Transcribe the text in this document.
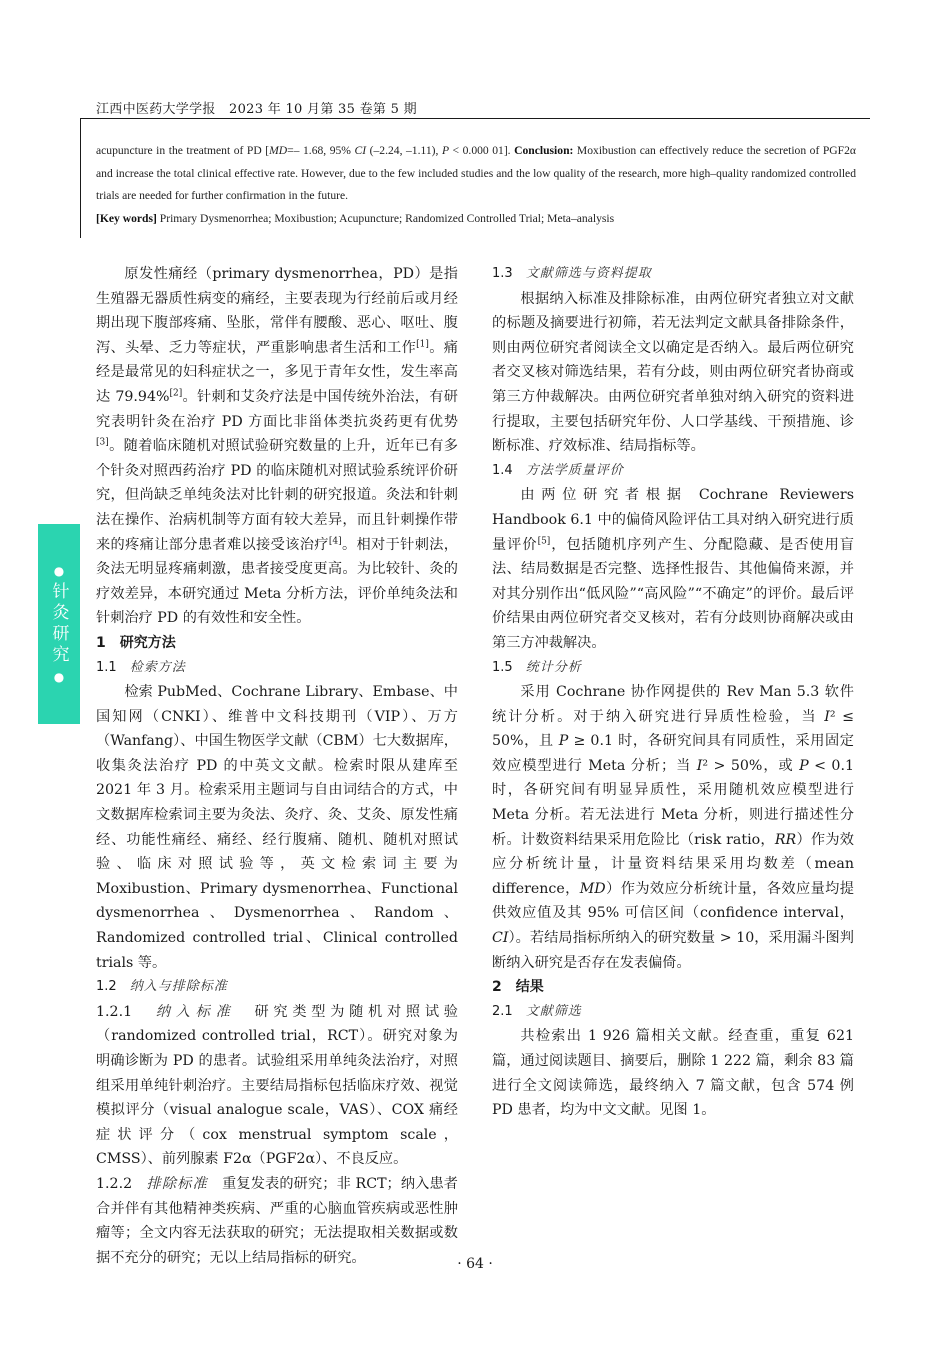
江西中医药大学学报　2023 年 10 月第 35 卷第 5 期

acupuncture in the treatment of PD [MD=– 1.68, 95% CI (–2.24, –1.11), P < 0.000 01]. Conclusion: Moxibustion can effectively reduce the secretion of PGF2α and increase the total clinical effective rate. However, due to the few included studies and the low quality of the research, more high–quality randomized controlled trials are needed for further confirmation in the future.

[Key words] Primary Dysmenorrhea; Moxibustion; Acupuncture; Randomized Controlled Trial; Meta–analysis

●
针灸研究
●

原发性痛经（primary dysmenorrhea，PD）是指生殖器无器质性病变的痛经，主要表现为行经前后或月经期出现下腹部疼痛、坠胀，常伴有腰酸、恶心、呕吐、腹泻、头晕、乏力等症状，严重影响患者生活和工作[1]。痛经是最常见的妇科症状之一，多见于青年女性，发生率高达 79.94%[2]。针刺和艾灸疗法是中国传统外治法，有研究表明针灸在治疗 PD 方面比非甾体类抗炎药更有优势[3]。随着临床随机对照试验研究数量的上升，近年已有多个针灸对照西药治疗 PD 的临床随机对照试验系统评价研究，但尚缺乏单纯灸法对比针刺的研究报道。灸法和针刺法在操作、治病机制等方面有较大差异，而且针刺操作带来的疼痛让部分患者难以接受该治疗[4]。相对于针刺法，灸法无明显疼痛刺激，患者接受度更高。为比较针、灸的疗效差异，本研究通过 Meta 分析方法，评价单纯灸法和针刺治疗 PD 的有效性和安全性。

1　 研究方法

1.1　 检索方法

检索 PubMed、Cochrane Library、Embase、中国知网（CNKI）、维普中文科技期刊（VIP）、万方（Wanfang）、中国生物医学文献（CBM）七大数据库，收集灸法治疗 PD 的中英文文献。检索时限从建库至 2021 年 3 月。检索采用主题词与自由词结合的方式，中文数据库检索词主要为灸法、灸疗、灸、艾灸、原发性痛经、功能性痛经、痛经、经行腹痛、随机、随机对照试验、临床对照试验等，英文检索词主要为 Moxibustion、Primary dysmenorrhea、Functional dysmenorrhea、Dysmenorrhea、Random、Randomized controlled trial、Clinical controlled trials 等。

1.2　 纳入与排除标准

1.2.1　 纳入标准　 研究类型为随机对照试验（randomized controlled trial，RCT）。研究对象为明确诊断为 PD 的患者。试验组采用单纯灸法治疗，对照组采用单纯针刺治疗。主要结局指标包括临床疗效、视觉模拟评分（visual analogue scale，VAS）、COX 痛经症状评分（cox menstrual symptom scale，CMSS）、前列腺素 F2α（PGF2α）、不良反应。

1.2.2　 排除标准　 重复发表的研究；非 RCT；纳入患者合并伴有其他精神类疾病、严重的心脑血管疾病或恶性肿瘤等；全文内容无法获取的研究；无法提取相关数据或数据不充分的研究；无以上结局指标的研究。

1.3　 文献筛选与资料提取

根据纳入标准及排除标准，由两位研究者独立对文献的标题及摘要进行初筛，若无法判定文献具备排除条件，则由两位研究者阅读全文以确定是否纳入。最后两位研究者交叉核对筛选结果，若有分歧，则由两位研究者协商或第三方仲裁解决。由两位研究者单独对纳入研究的资料进行提取，主要包括研究年份、人口学基线、干预措施、诊断标准、疗效标准、结局指标等。

1.4　 方法学质量评价

由两位研究者根据 Cochrane Reviewers Handbook 6.1 中的偏倚风险评估工具对纳入研究进行质量评价[5]，包括随机序列产生、分配隐藏、是否使用盲法、结局数据是否完整、选择性报告、其他偏倚来源，并对其分别作出“低风险”“高风险”“不确定”的评价。最后评价结果由两位研究者交叉核对，若有分歧则协商解决或由第三方冲裁解决。

1.5　 统计分析

采用 Cochrane 协作网提供的 Rev Man 5.3 软件统计分析。对于纳入研究进行异质性检验，当 I² ≤ 50%，且 P ≥ 0.1 时，各研究间具有同质性，采用固定效应模型进行 Meta 分析；当 I² > 50%，或 P < 0.1 时，各研究间有明显异质性，采用随机效应模型进行 Meta 分析。若无法进行 Meta 分析，则进行描述性分析。计数资料结果采用危险比（risk ratio，RR）作为效应分析统计量，计量资料结果采用均数差（mean difference，MD）作为效应分析统计量，各效应量均提供效应值及其 95% 可信区间（confidence interval，CI）。若结局指标所纳入的研究数量 > 10，采用漏斗图判断纳入研究是否存在发表偏倚。

2　 结果

2.1　 文献筛选

共检索出 1 926 篇相关文献。经查重，重复 621 篇，通过阅读题目、摘要后，删除 1 222 篇，剩余 83 篇进行全文阅读筛选，最终纳入 7 篇文献，包含 574 例 PD 患者，均为中文文献。见图 1。

· 64 ·
